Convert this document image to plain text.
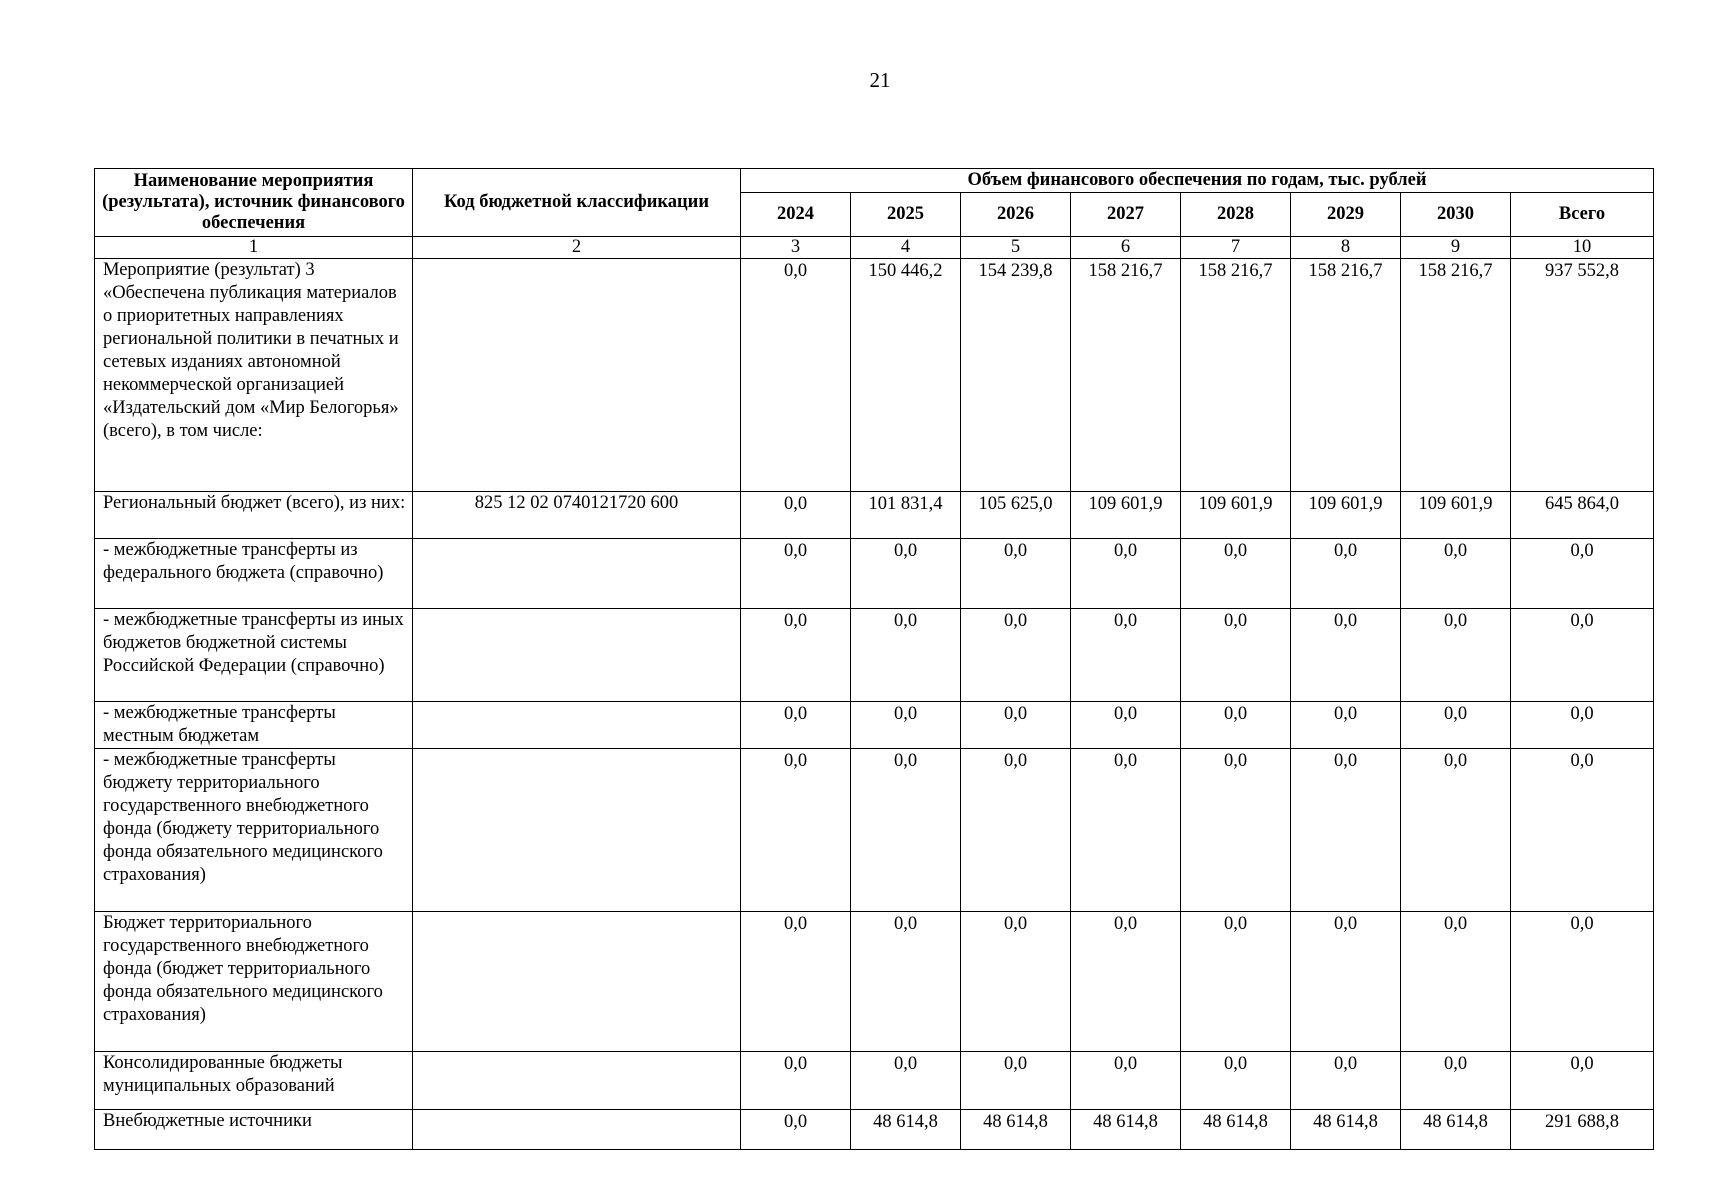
21
Наименование мероприятия (результата), источник финансового обеспечения	Код бюджетной классификации	Объем финансового обеспечения по годам, тыс. рублей							
		2024	2025	2026	2027	2028	2029	2030	Всего
1	2	3	4	5	6	7	8	9	10
Мероприятие (результат) 3 «Обеспечена публикация материалов о приоритетных направлениях региональной политики в печатных и сетевых изданиях автономной некоммерческой организацией «Издательский дом «Мир Белогорья» (всего), в том числе:		0,0	150 446,2	154 239,8	158 216,7	158 216,7	158 216,7	158 216,7	937 552,8
Региональный бюджет (всего), из них:	825 12 02 0740121720 600	0,0	101 831,4	105 625,0	109 601,9	109 601,9	109 601,9	109 601,9	645 864,0
- межбюджетные трансферты из федерального бюджета (справочно)		0,0	0,0	0,0	0,0	0,0	0,0	0,0	0,0
- межбюджетные трансферты из иных бюджетов бюджетной системы Российской Федерации (справочно)		0,0	0,0	0,0	0,0	0,0	0,0	0,0	0,0
- межбюджетные трансферты местным бюджетам		0,0	0,0	0,0	0,0	0,0	0,0	0,0	0,0
- межбюджетные трансферты бюджету территориального государственного внебюджетного фонда (бюджету территориального фонда обязательного медицинского страхования)		0,0	0,0	0,0	0,0	0,0	0,0	0,0	0,0
Бюджет территориального государственного внебюджетного фонда (бюджет территориального фонда обязательного медицинского страхования)		0,0	0,0	0,0	0,0	0,0	0,0	0,0	0,0
Консолидированные бюджеты муниципальных образований		0,0	0,0	0,0	0,0	0,0	0,0	0,0	0,0
Внебюджетные источники		0,0	48 614,8	48 614,8	48 614,8	48 614,8	48 614,8	48 614,8	291 688,8
